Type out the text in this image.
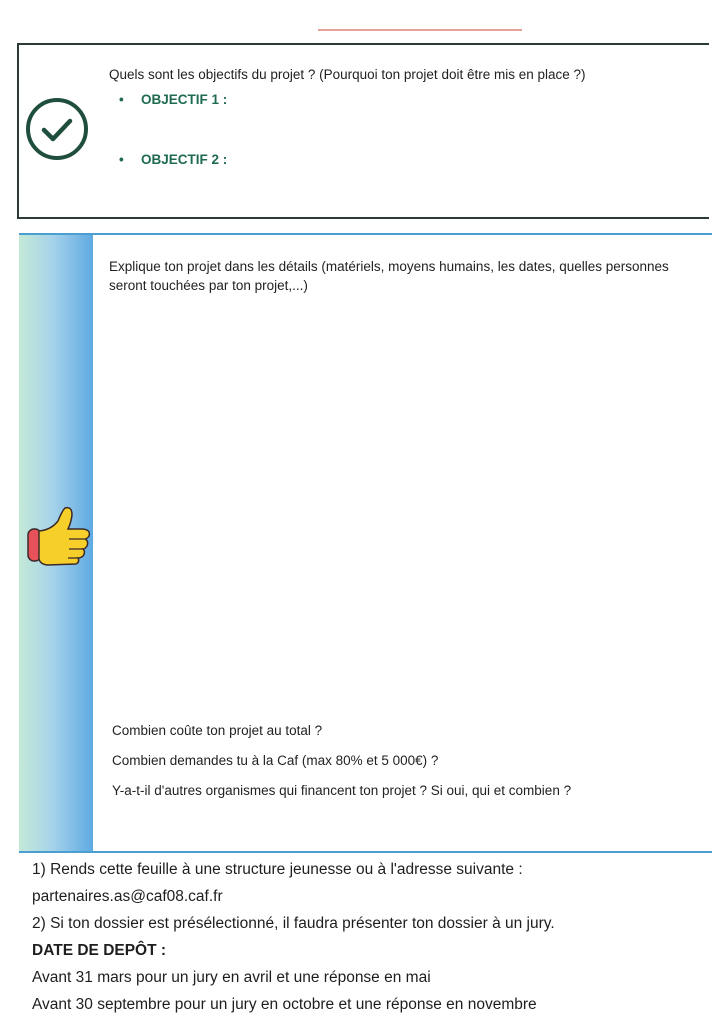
Quels sont les objectifs du projet ? (Pourquoi ton projet doit être mis en place ?)
• OBJECTIF 1 :
• OBJECTIF 2 :
Explique ton projet dans les détails (matériels, moyens humains, les dates, quelles personnes seront touchées par ton projet,...)
Combien coûte ton projet au total ?
Combien demandes tu à la Caf (max 80% et 5 000€) ?
Y-a-t-il d'autres organismes qui financent ton projet ? Si oui, qui et combien ?
1) Rends cette feuille à une structure jeunesse ou à l'adresse suivante :
partenaires.as@caf08.caf.fr
2) Si ton dossier est présélectionné, il faudra présenter ton dossier à un jury.
DATE DE DEPÔT :
Avant 31 mars pour un jury en avril et une réponse en mai
Avant 30 septembre pour un jury en octobre et une réponse en novembre
